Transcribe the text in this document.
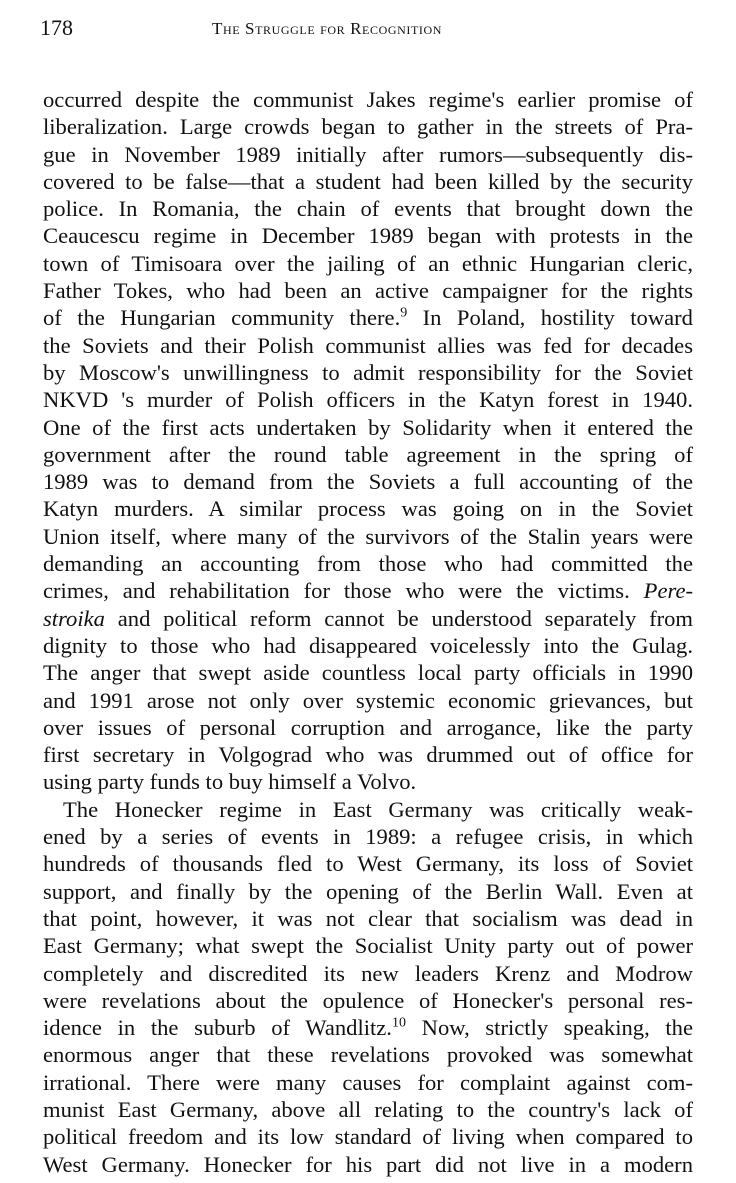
178	The Struggle for Recognition
occurred despite the communist Jakes regime's earlier promise of
liberalization. Large crowds began to gather in the streets of Pra-
gue in November 1989 initially after rumors—subsequently dis-
covered to be false—that a student had been killed by the security
police. In Romania, the chain of events that brought down the
Ceaucescu regime in December 1989 began with protests in the
town of Timisoara over the jailing of an ethnic Hungarian cleric,
Father Tokes, who had been an active campaigner for the rights
of the Hungarian community there.$^9$ In Poland, hostility toward
the Soviets and their Polish communist allies was fed for decades
by Moscow's unwillingness to admit responsibility for the Soviet
NKVD 's murder of Polish officers in the Katyn forest in 1940.
One of the first acts undertaken by Solidarity when it entered the
government after the round table agreement in the spring of
1989 was to demand from the Soviets a full accounting of the
Katyn murders. A similar process was going on in the Soviet
Union itself, where many of the survivors of the Stalin years were
demanding an accounting from those who had committed the
crimes, and rehabilitation for those who were the victims. Pere-
stroika and political reform cannot be understood separately from
dignity to those who had disappeared voicelessly into the Gulag.
The anger that swept aside countless local party officials in 1990
and 1991 arose not only over systemic economic grievances, but
over issues of personal corruption and arrogance, like the party
first secretary in Volgograd who was drummed out of office for
using party funds to buy himself a Volvo.
The Honecker regime in East Germany was critically weak-
ened by a series of events in 1989: a refugee crisis, in which
hundreds of thousands fled to West Germany, its loss of Soviet
support, and finally by the opening of the Berlin Wall. Even at
that point, however, it was not clear that socialism was dead in
East Germany; what swept the Socialist Unity party out of power
completely and discredited its new leaders Krenz and Modrow
were revelations about the opulence of Honecker's personal res-
idence in the suburb of Wandlitz.$^{10}$ Now, strictly speaking, the
enormous anger that these revelations provoked was somewhat
irrational. There were many causes for complaint against com-
munist East Germany, above all relating to the country's lack of
political freedom and its low standard of living when compared to
West Germany. Honecker for his part did not live in a modern
